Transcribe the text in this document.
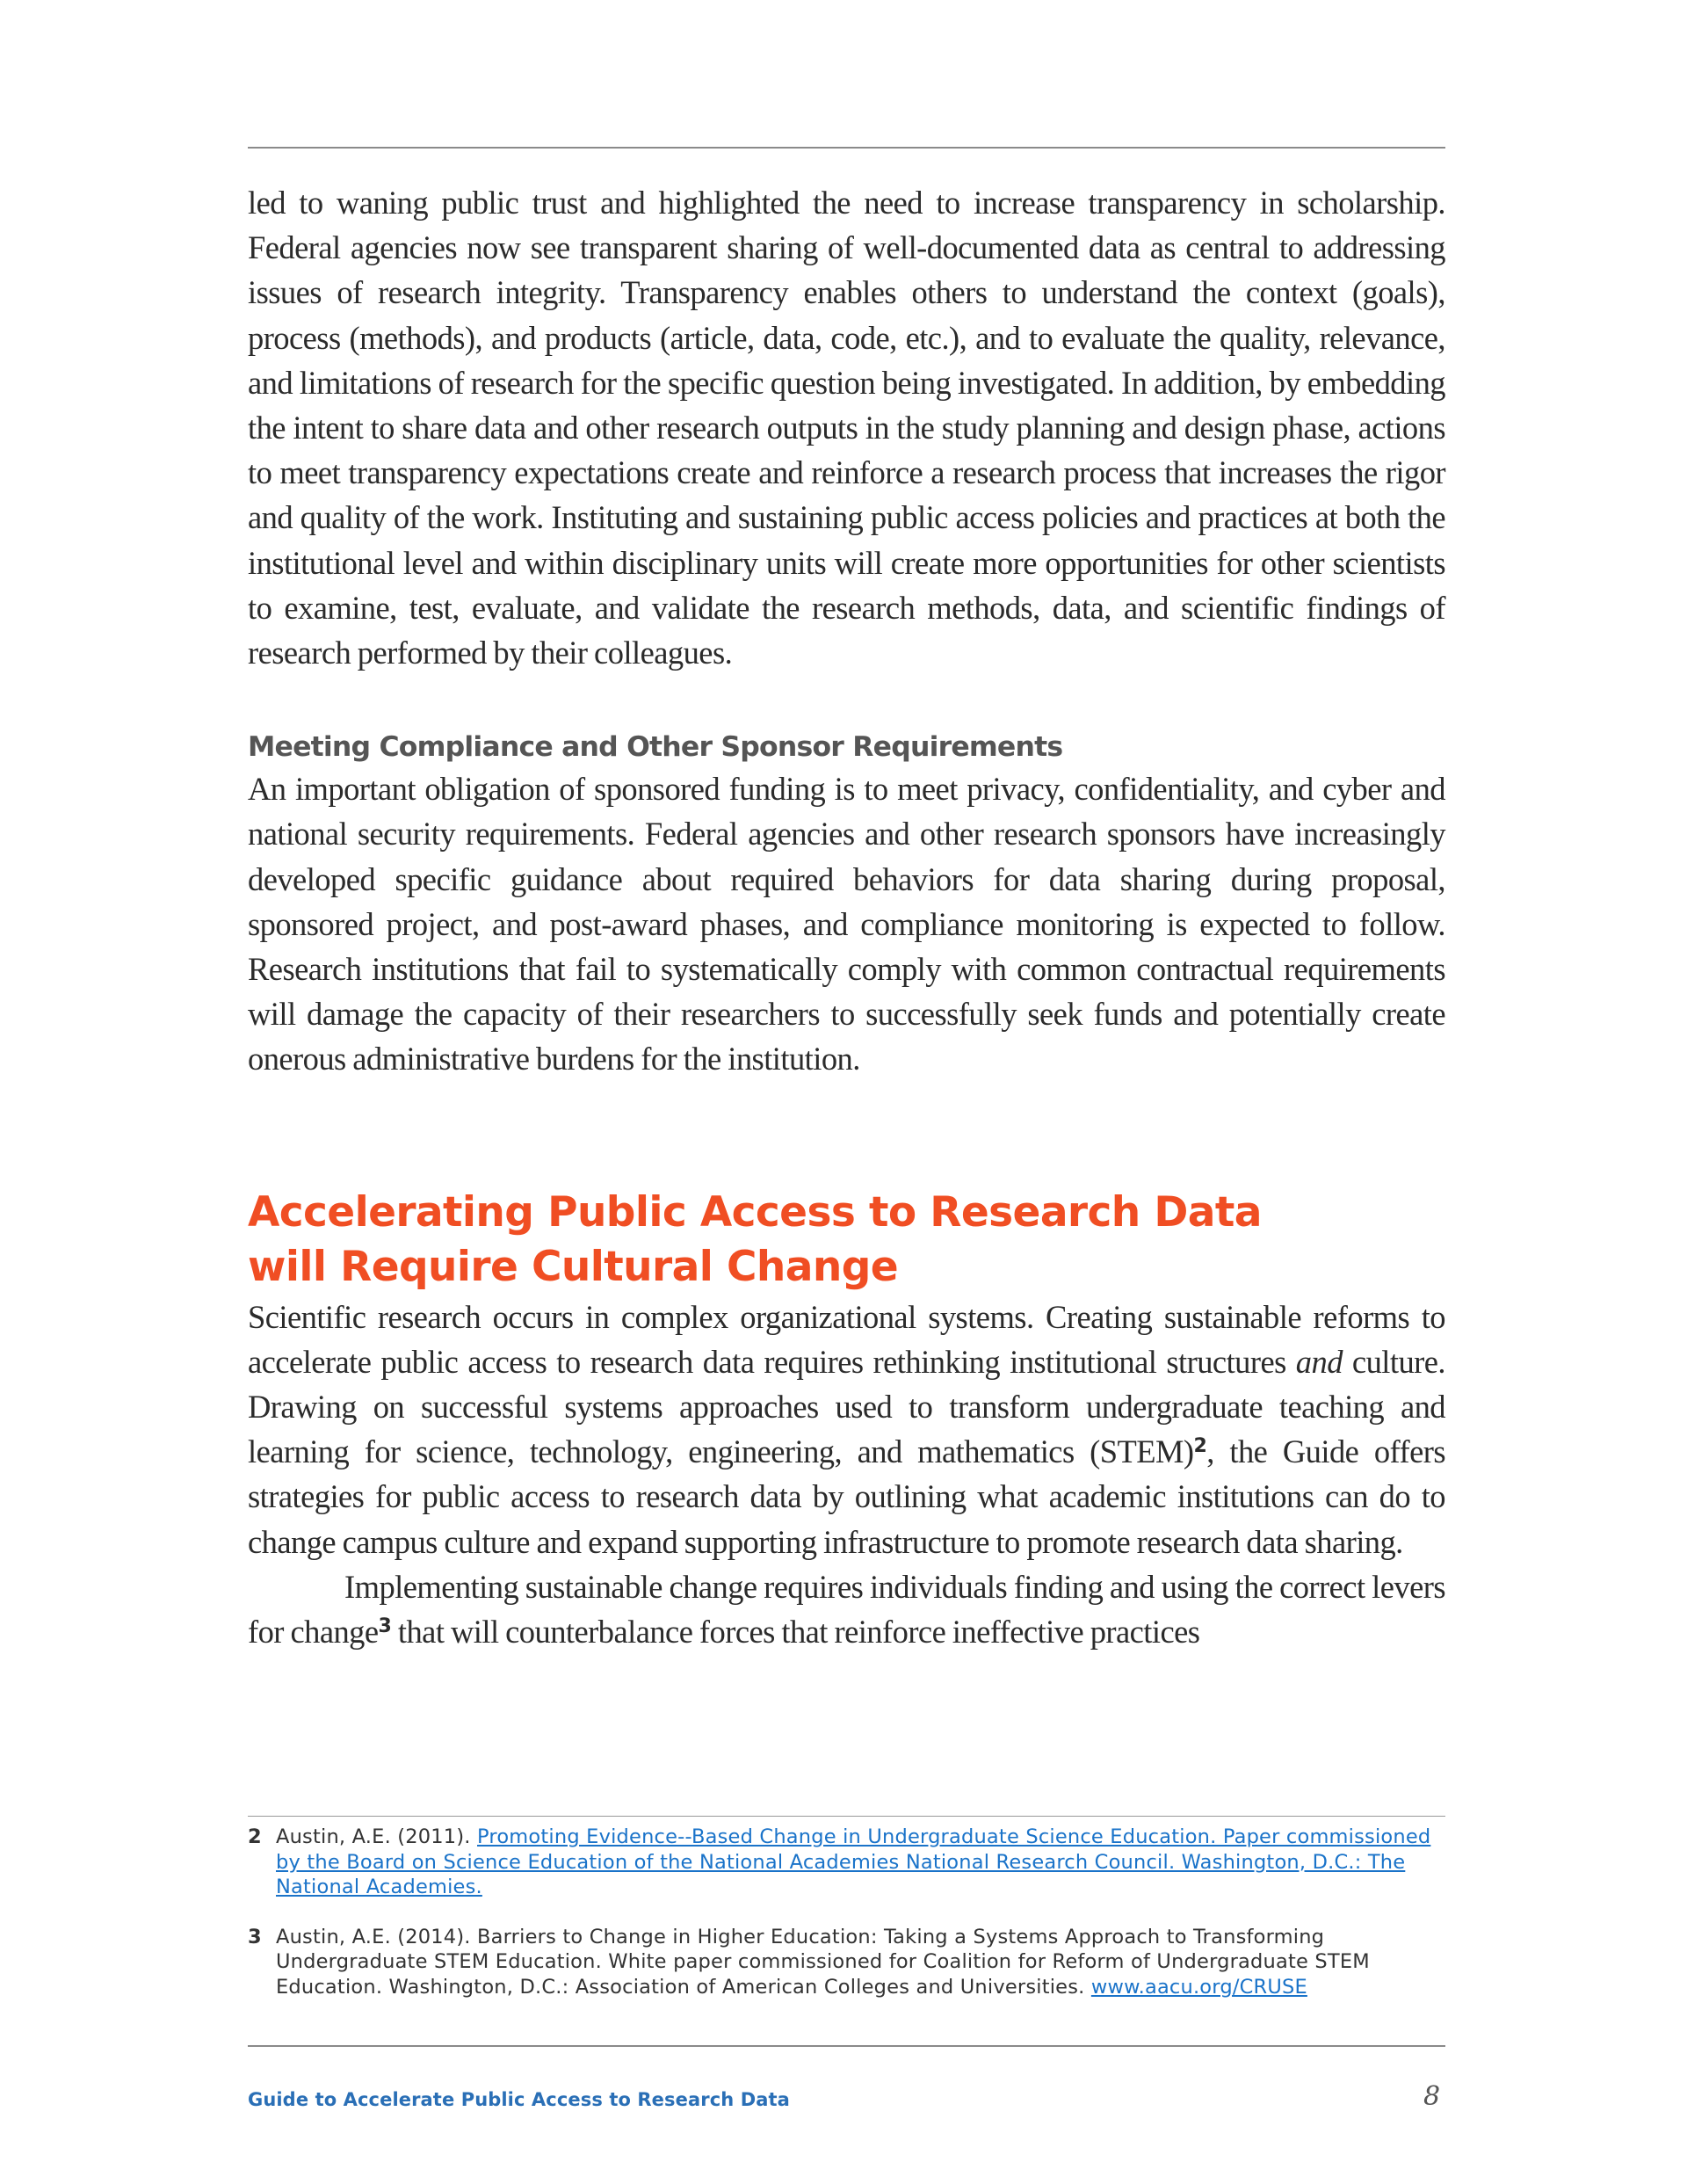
led to waning public trust and highlighted the need to increase transparency in scholarship. Federal agencies now see transparent sharing of well-documented data as central to addressing issues of research integrity. Transparency enables others to understand the context (goals), process (methods), and products (article, data, code, etc.), and to evaluate the quality, relevance, and limitations of research for the specific question being investigated. In addition, by embedding the intent to share data and other research outputs in the study planning and design phase, actions to meet transparency expectations create and reinforce a research process that increases the rigor and quality of the work. Instituting and sustaining public access policies and practices at both the institutional level and within disciplinary units will create more opportunities for other scientists to examine, test, evaluate, and validate the research methods, data, and scientific findings of research performed by their colleagues.

Meeting Compliance and Other Sponsor Requirements

An important obligation of sponsored funding is to meet privacy, confidentiality, and cyber and national security requirements. Federal agencies and other research sponsors have increasingly developed specific guidance about required behaviors for data sharing during proposal, sponsored project, and post-award phases, and compliance monitoring is expected to follow. Research institutions that fail to systematically comply with common contractual requirements will damage the capacity of their researchers to successfully seek funds and potentially create onerous administrative burdens for the institution.

Accelerating Public Access to Research Data
will Require Cultural Change

Scientific research occurs in complex organizational systems. Creating sustainable reforms to accelerate public access to research data requires rethinking institutional structures and culture. Drawing on successful systems approaches used to transform undergraduate teaching and learning for science, technology, engineering, and mathematics (STEM)$^2$, the Guide offers strategies for public access to research data by outlining what academic institutions can do to change campus culture and expand supporting infrastructure to promote research data sharing.

Implementing sustainable change requires individuals finding and using the correct levers for change$^3$ that will counterbalance forces that reinforce ineffective practices

2 Austin, A.E. (2011). Promoting Evidence--Based Change in Undergraduate Science Education. Paper commissioned by the Board on Science Education of the National Academies National Research Council. Washington, D.C.: The National Academies.
3 Austin, A.E. (2014). Barriers to Change in Higher Education: Taking a Systems Approach to Transforming Undergraduate STEM Education. White paper commissioned for Coalition for Reform of Undergraduate STEM Education. Washington, D.C.: Association of American Colleges and Universities. www.aacu.org/CRUSE
Guide to Accelerate Public Access to Research Data	8
